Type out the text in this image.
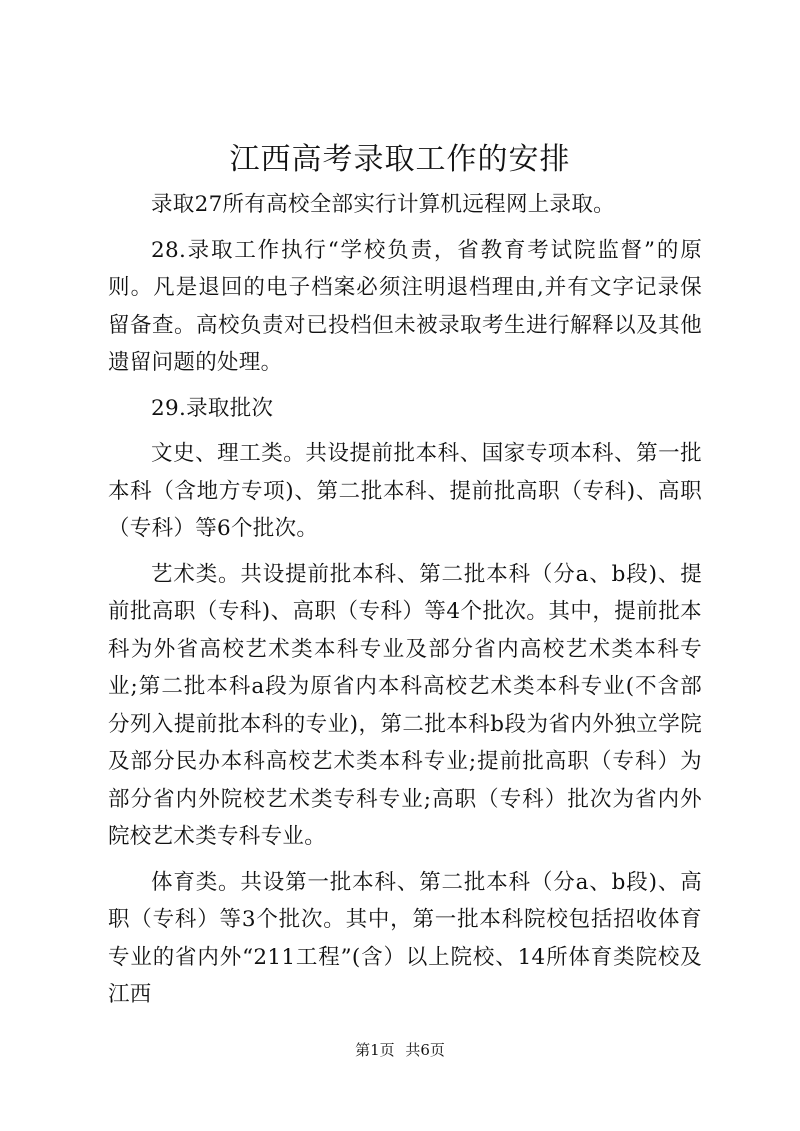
江西高考录取工作的安排

录取27所有高校全部实行计算机远程网上录取。

28.录取工作执行“学校负责，省教育考试院监督”的原则。凡是退回的电子档案必须注明退档理由,并有文字记录保留备查。高校负责对已投档但未被录取考生进行解释以及其他遗留问题的处理。

29.录取批次

文史、理工类。共设提前批本科、国家专项本科、第一批本科（含地方专项)、第二批本科、提前批高职（专科)、高职（专科）等6个批次。

艺术类。共设提前批本科、第二批本科（分a、b段)、提前批高职（专科)、高职（专科）等4个批次。其中，提前批本科为外省高校艺术类本科专业及部分省内高校艺术类本科专业;第二批本科a段为原省内本科高校艺术类本科专业(不含部分列入提前批本科的专业)，第二批本科b段为省内外独立学院及部分民办本科高校艺术类本科专业;提前批高职（专科）为部分省内外院校艺术类专科专业;高职（专科）批次为省内外院校艺术类专科专业。

体育类。共设第一批本科、第二批本科（分a、b段)、高职（专科）等3个批次。其中，第一批本科院校包括招收体育专业的省内外“211工程”(含）以上院校、14所体育类院校及江西

第1页 共6页
